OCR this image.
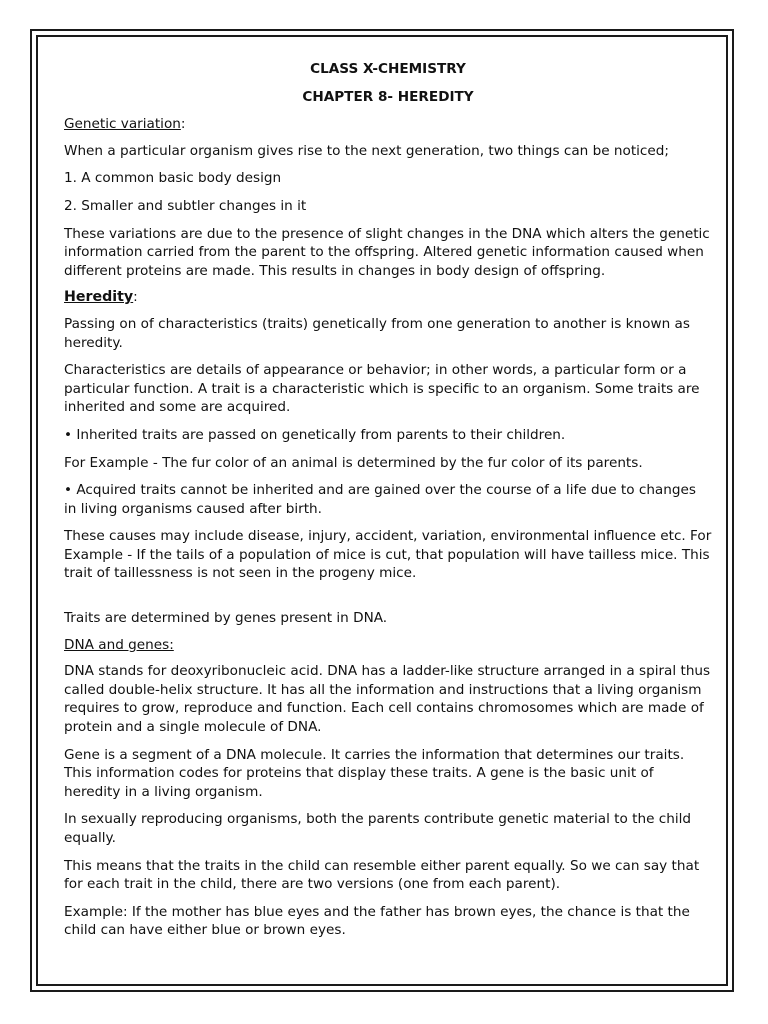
CLASS X-CHEMISTRY

CHAPTER 8- HEREDITY

Genetic variation:

When a particular organism gives rise to the next generation, two things can be noticed;

1. A common basic body design

2. Smaller and subtler changes in it

These variations are due to the presence of slight changes in the DNA which alters the genetic information carried from the parent to the offspring. Altered genetic information caused when different proteins are made. This results in changes in body design of offspring.

Heredity:

Passing on of characteristics (traits) genetically from one generation to another is known as heredity.

Characteristics are details of appearance or behavior; in other words, a particular form or a particular function. A trait is a characteristic which is specific to an organism. Some traits are inherited and some are acquired.

• Inherited traits are passed on genetically from parents to their children.

For Example - The fur color of an animal is determined by the fur color of its parents.

• Acquired traits cannot be inherited and are gained over the course of a life due to changes in living organisms caused after birth.

These causes may include disease, injury, accident, variation, environmental influence etc. For Example - If the tails of a population of mice is cut, that population will have tailless mice. This trait of taillessness is not seen in the progeny mice.

Traits are determined by genes present in DNA.

DNA and genes:

DNA stands for deoxyribonucleic acid. DNA has a ladder-like structure arranged in a spiral thus called double-helix structure. It has all the information and instructions that a living organism requires to grow, reproduce and function. Each cell contains chromosomes which are made of protein and a single molecule of DNA.

Gene is a segment of a DNA molecule. It carries the information that determines our traits. This information codes for proteins that display these traits. A gene is the basic unit of heredity in a living organism.

In sexually reproducing organisms, both the parents contribute genetic material to the child equally.

This means that the traits in the child can resemble either parent equally. So we can say that for each trait in the child, there are two versions (one from each parent).

Example: If the mother has blue eyes and the father has brown eyes, the chance is that the child can have either blue or brown eyes.
